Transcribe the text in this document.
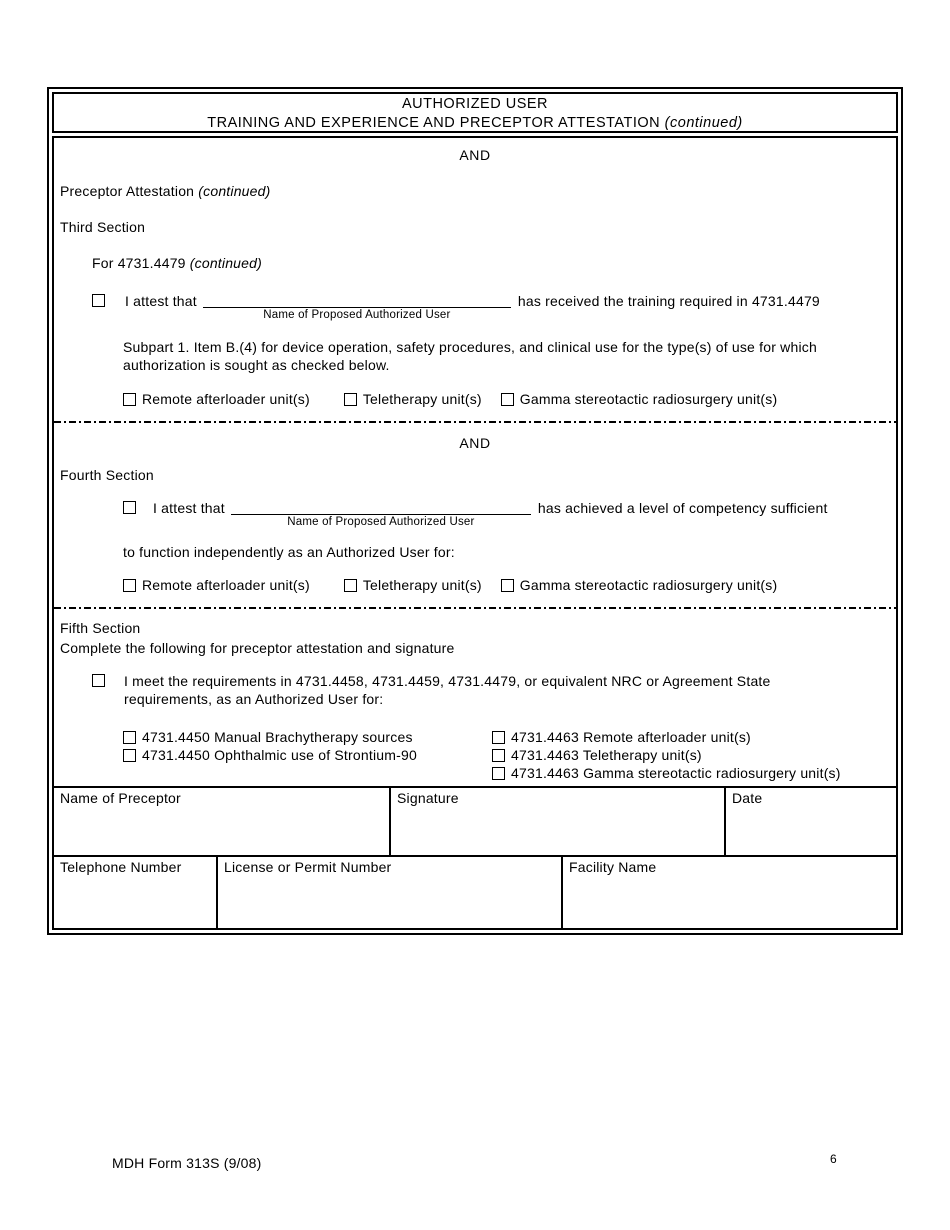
AUTHORIZED USER
TRAINING AND EXPERIENCE AND PRECEPTOR ATTESTATION (continued)
AND
Preceptor Attestation (continued)
Third Section
For 4731.4479 (continued)
I attest that
Name of Proposed Authorized User
has received the training required in 4731.4479
Subpart 1. Item B.(4) for device operation, safety procedures, and clinical use for the type(s) of use for which authorization is sought as checked below.
Remote afterloader unit(s)	Teletherapy unit(s)	Gamma stereotactic radiosurgery unit(s)
AND
Fourth Section
I attest that
Name of Proposed Authorized User
has achieved a level of competency sufficient
to function independently as an Authorized User for:
Remote afterloader unit(s)	Teletherapy unit(s)	Gamma stereotactic radiosurgery unit(s)
Fifth Section
Complete the following for preceptor attestation and signature
I meet the requirements in 4731.4458, 4731.4459, 4731.4479, or equivalent NRC or Agreement State requirements, as an Authorized User for:
4731.4450 Manual Brachytherapy sources
4731.4450 Ophthalmic use of Strontium-90
4731.4463 Remote afterloader unit(s)
4731.4463 Teletherapy unit(s)
4731.4463 Gamma stereotactic radiosurgery unit(s)
Name of Preceptor	Signature	Date
Telephone Number	License or Permit Number	Facility Name
MDH Form 313S (9/08)	6
